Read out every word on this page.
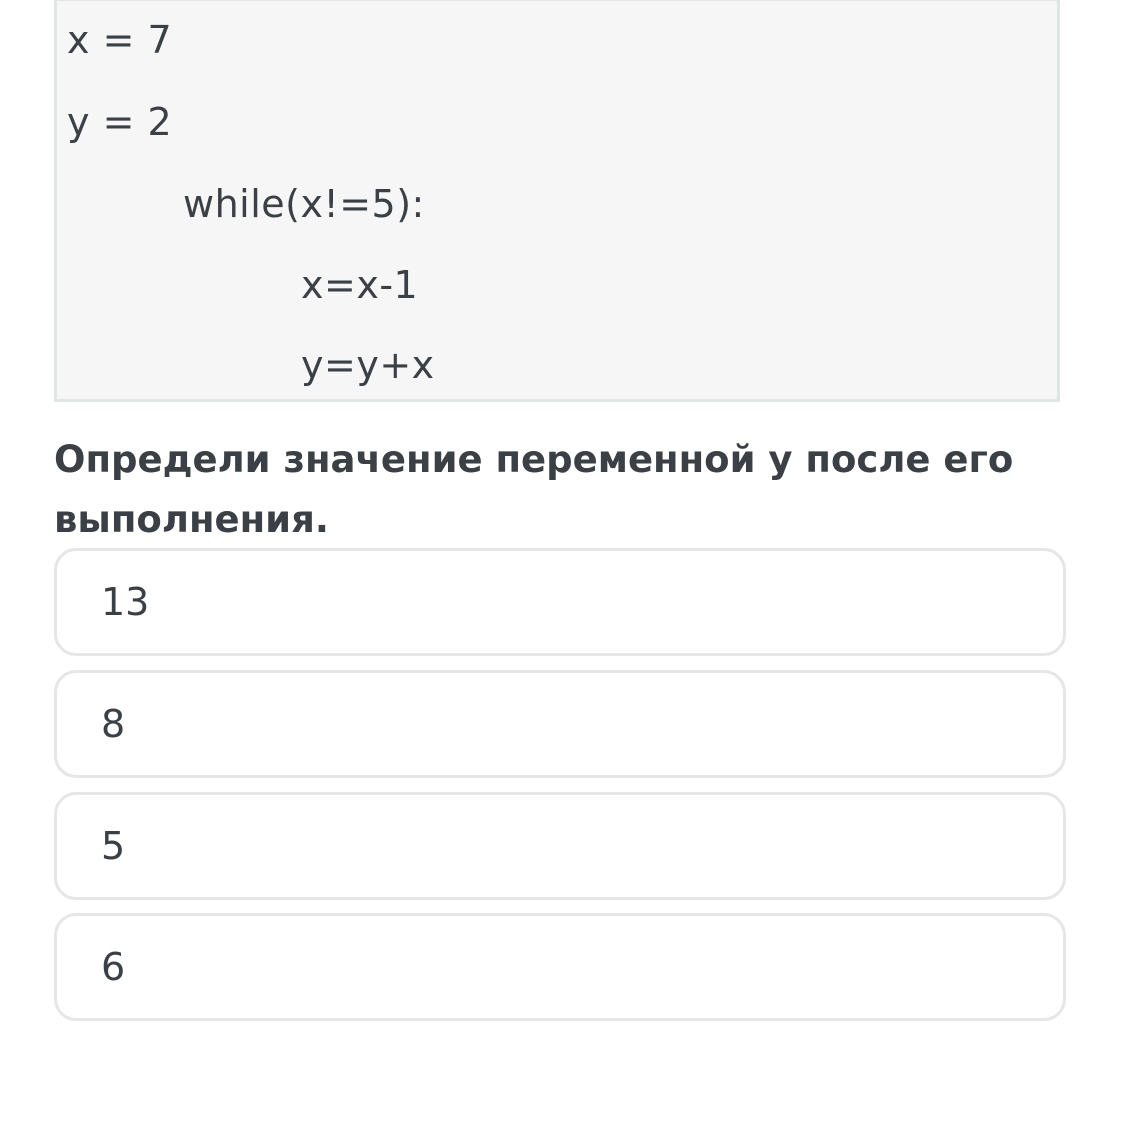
x = 7
y = 2
while(x!=5):
x=x-1
y=y+x
Определи значение переменной у после его выполнения.
13
8
5
6
